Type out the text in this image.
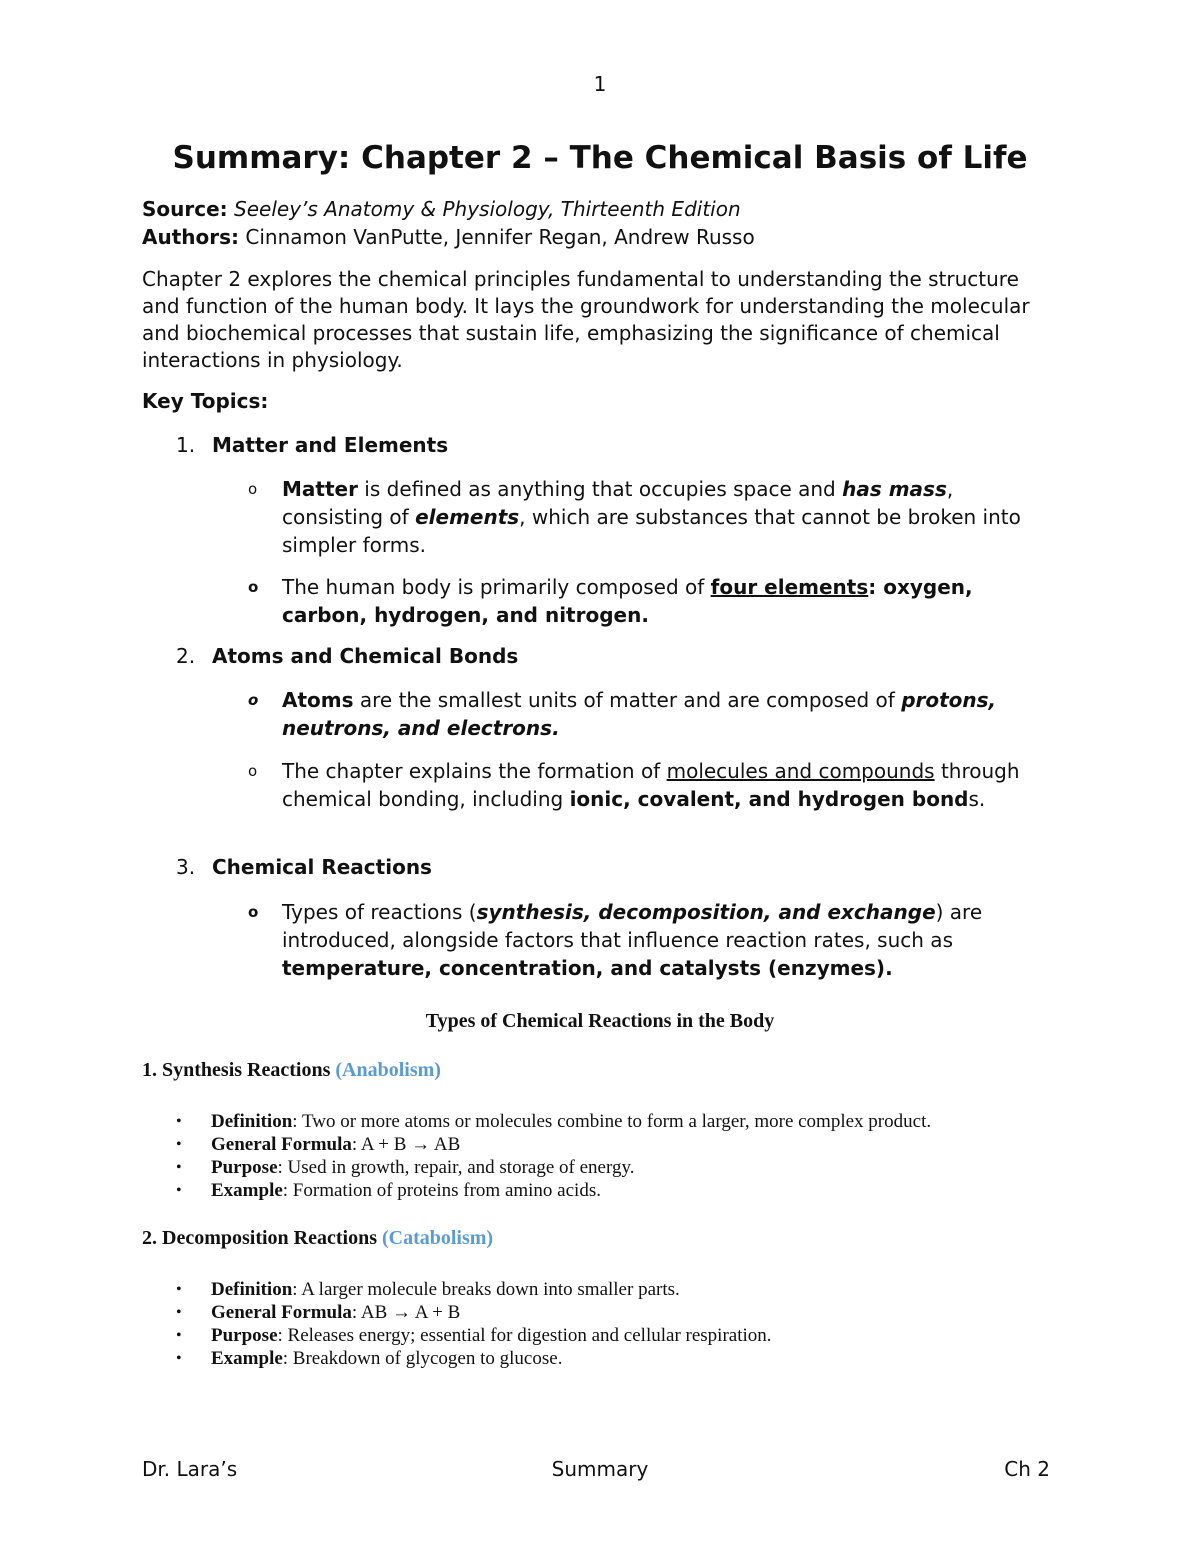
1
Summary: Chapter 2 – The Chemical Basis of Life
Source: Seeley’s Anatomy & Physiology, Thirteenth Edition
Authors: Cinnamon VanPutte, Jennifer Regan, Andrew Russo

Chapter 2 explores the chemical principles fundamental to understanding the structure and function of the human body. It lays the groundwork for understanding the molecular and biochemical processes that sustain life, emphasizing the significance of chemical interactions in physiology.

Key Topics:

1. Matter and Elements

o Matter is defined as anything that occupies space and has mass, consisting of elements, which are substances that cannot be broken into simpler forms.
o The human body is primarily composed of four elements: oxygen, carbon, hydrogen, and nitrogen.

2. Atoms and Chemical Bonds

o Atoms are the smallest units of matter and are composed of protons, neutrons, and electrons.
o The chapter explains the formation of molecules and compounds through chemical bonding, including ionic, covalent, and hydrogen bonds.

3. Chemical Reactions

o Types of reactions (synthesis, decomposition, and exchange) are introduced, alongside factors that influence reaction rates, such as temperature, concentration, and catalysts (enzymes).

Types of Chemical Reactions in the Body

1. Synthesis Reactions (Anabolism)

• Definition: Two or more atoms or molecules combine to form a larger, more complex product.
• General Formula: A + B → AB
• Purpose: Used in growth, repair, and storage of energy.
• Example: Formation of proteins from amino acids.

2. Decomposition Reactions (Catabolism)

• Definition: A larger molecule breaks down into smaller parts.
• General Formula: AB → A + B
• Purpose: Releases energy; essential for digestion and cellular respiration.
• Example: Breakdown of glycogen to glucose.
Dr. Lara’s	Summary	Ch 2
